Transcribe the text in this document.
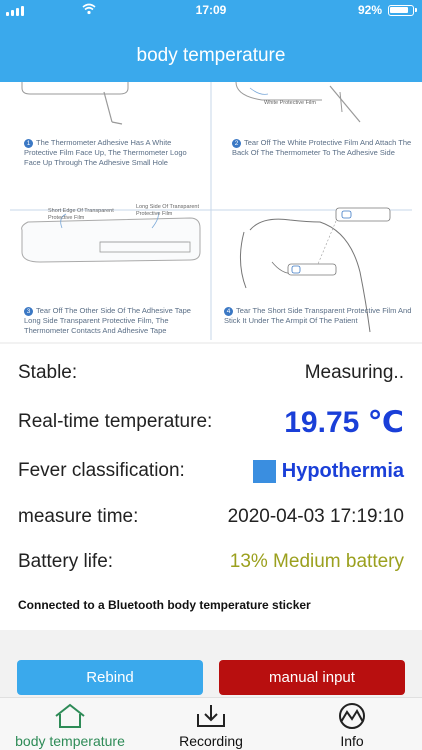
17:09	92%
body temperature
White Protective Film
Short Edge Of Transparent Protective Film
Long Side Of Transparent Protective Film
1 The Thermometer Adhesive Has A White Protective Film Face Up, The Thermometer Logo Face Up Through The Adhesive Small Hole
2 Tear Off The White Protective Film And Attach The Back Of The Thermometer To The Adhesive Side
3 Tear Off The Other Side Of The Adhesive Tape Long Side Transparent Protective Film, The Thermometer Contacts And Adhesive Tape
4 Tear The Short Side Transparent Protective Film And Stick It Under The Armpit Of The Patient
Stable:	Measuring..
Real-time temperature: 19.75 ℃
Fever classification:	Hypothermia
measure time:	2020-04-03 17:19:10
Battery life:	13% Medium battery
Connected to a Bluetooth body temperature sticker
Rebind	manual input
body temperature	Recording	Info
